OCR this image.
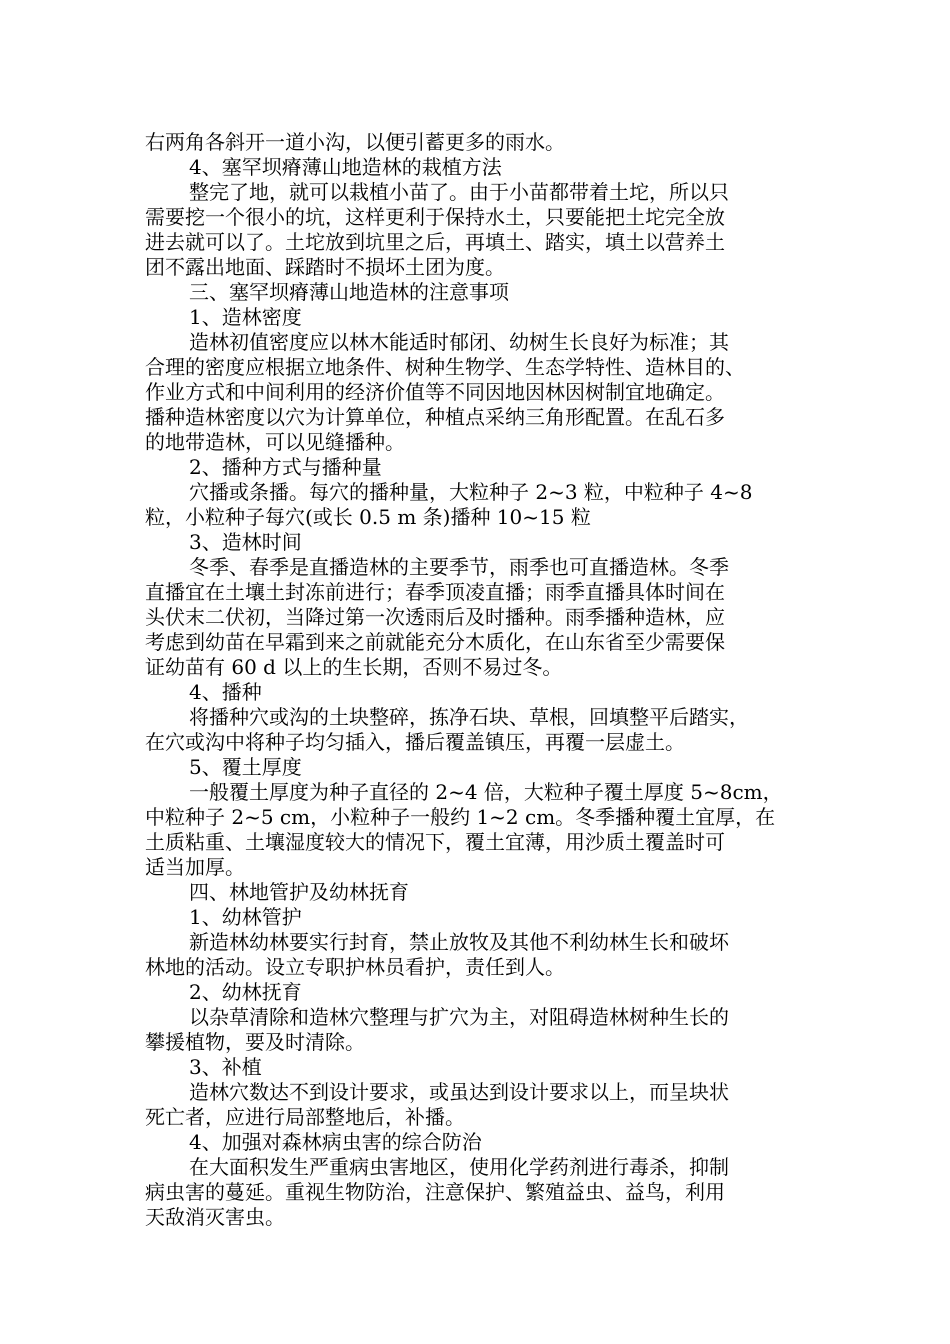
右两角各斜开一道小沟，以便引蓄更多的雨水。

4、塞罕坝瘠薄山地造林的栽植方法

整完了地，就可以栽植小苗了。由于小苗都带着土坨，所以只

需要挖一个很小的坑，这样更利于保持水土，只要能把土坨完全放

进去就可以了。土坨放到坑里之后，再填土、踏实，填土以营养土

团不露出地面、踩踏时不损坏土团为度。

三、塞罕坝瘠薄山地造林的注意事项

1、造林密度

造林初值密度应以林木能适时郁闭、幼树生长良好为标准；其

合理的密度应根据立地条件、树种生物学、生态学特性、造林目的、

作业方式和中间利用的经济价值等不同因地因林因树制宜地确定。

播种造林密度以穴为计算单位，种植点采纳三角形配置。在乱石多

的地带造林，可以见缝播种。

2、播种方式与播种量

穴播或条播。每穴的播种量，大粒种子 2~3 粒，中粒种子 4~8

粒，小粒种子每穴(或长 0.5 m 条)播种 10~15 粒

3、造林时间

冬季、春季是直播造林的主要季节，雨季也可直播造林。冬季

直播宜在土壤土封冻前进行；春季顶凌直播；雨季直播具体时间在

头伏末二伏初，当降过第一次透雨后及时播种。雨季播种造林，应

考虑到幼苗在早霜到来之前就能充分木质化，在山东省至少需要保

证幼苗有 60 d 以上的生长期，否则不易过冬。

4、播种

将播种穴或沟的土块整碎，拣净石块、草根，回填整平后踏实，

在穴或沟中将种子均匀插入，播后覆盖镇压，再覆一层虚土。

5、覆土厚度

一般覆土厚度为种子直径的 2~4 倍，大粒种子覆土厚度 5~8cm，

中粒种子 2~5 cm，小粒种子一般约 1~2 cm。冬季播种覆土宜厚，在

土质粘重、土壤湿度较大的情况下，覆土宜薄，用沙质土覆盖时可

适当加厚。

四、林地管护及幼林抚育

1、幼林管护

新造林幼林要实行封育，禁止放牧及其他不利幼林生长和破坏

林地的活动。设立专职护林员看护，责任到人。

2、幼林抚育

以杂草清除和造林穴整理与扩穴为主，对阻碍造林树种生长的

攀援植物，要及时清除。

3、补植

造林穴数达不到设计要求，或虽达到设计要求以上，而呈块状

死亡者，应进行局部整地后，补播。

4、加强对森林病虫害的综合防治

在大面积发生严重病虫害地区，使用化学药剂进行毒杀，抑制

病虫害的蔓延。重视生物防治，注意保护、繁殖益虫、益鸟，利用

天敌消灭害虫。
